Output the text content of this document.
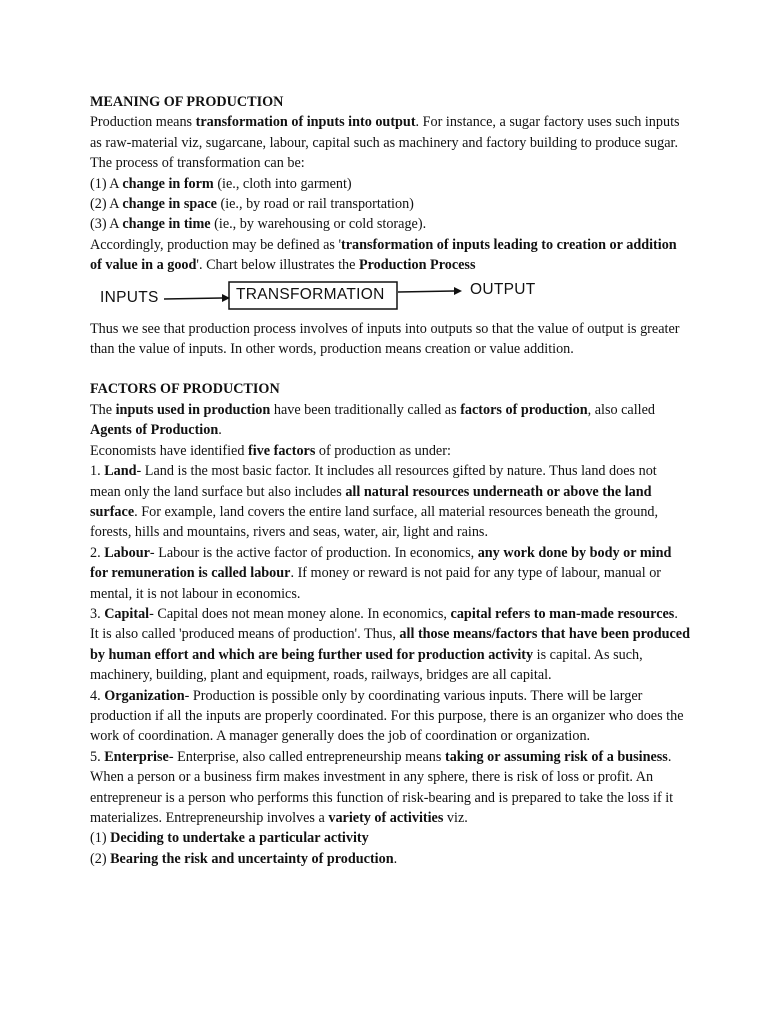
MEANING OF PRODUCTION

Production means transformation of inputs into output. For instance, a sugar factory uses such inputs as raw-material viz, sugarcane, labour, capital such as machinery and factory building to produce sugar.

The process of transformation can be:

(1) A change in form (ie., cloth into garment)

(2) A change in space (ie., by road or rail transportation)

(3) A change in time (ie., by warehousing or cold storage).

Accordingly, production may be defined as 'transformation of inputs leading to creation or addition of value in a good'. Chart below illustrates the Production Process

INPUTS	TRANSFORMATION	OUTPUT

Thus we see that production process involves of inputs into outputs so that the value of output is greater than the value of inputs. In other words, production means creation or value addition.

FACTORS OF PRODUCTION

The inputs used in production have been traditionally called as factors of production, also called Agents of Production.

Economists have identified five factors of production as under:

1. Land- Land is the most basic factor. It includes all resources gifted by nature. Thus land does not mean only the land surface but also includes all natural resources underneath or above the land surface. For example, land covers the entire land surface, all material resources beneath the ground, forests, hills and mountains, rivers and seas, water, air, light and rains.

2. Labour- Labour is the active factor of production. In economics, any work done by body or mind for remuneration is called labour. If money or reward is not paid for any type of labour, manual or mental, it is not labour in economics.

3. Capital- Capital does not mean money alone. In economics, capital refers to man-made resources. It is also called 'produced means of production'. Thus, all those means/factors that have been produced by human effort and which are being further used for production activity is capital. As such, machinery, building, plant and equipment, roads, railways, bridges are all capital.

4. Organization- Production is possible only by coordinating various inputs. There will be larger production if all the inputs are properly coordinated. For this purpose, there is an organizer who does the work of coordination. A manager generally does the job of coordination or organization.

5. Enterprise- Enterprise, also called entrepreneurship means taking or assuming risk of a business. When a person or a business firm makes investment in any sphere, there is risk of loss or profit. An entrepreneur is a person who performs this function of risk-bearing and is prepared to take the loss if it materializes. Entrepreneurship involves a variety of activities viz.

(1) Deciding to undertake a particular activity

(2) Bearing the risk and uncertainty of production.
